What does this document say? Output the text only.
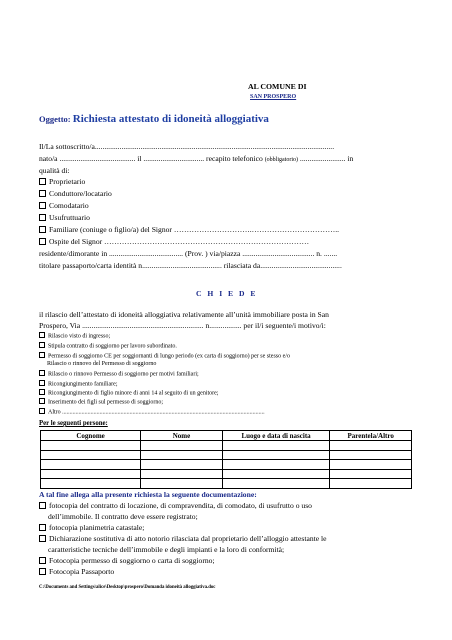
AL COMUNE DI
SAN PROSPERO
Oggetto: Richiesta attestato di idoneità alloggiativa
Il/La sottoscritto/a..............................................................................................................................
nato/a ........................................ il ................................ recapito telefonico (obbligatorio) ........................ in
qualità di:
Proprietario
Conduttore/locatario
Comodatario
Usufruttuario
Familiare (coniuge o figlio/a) del Signor ………………………….……………………………..
Ospite del Signor ………………………………………………………………………
residente/dimorante in ....................................... (Prov. ) via/piazza ...................................... n. .......
titolare passaporto/carta identità n.......................................... rilasciata da...........................................
C H I E D E
il rilascio dell’attestato di idoneità alloggiativa relativamente all’unità immobiliare posta in San
Prospero, Via ................................................................ n................. per il/i seguente/i motivo/i:
Rilascio visto di ingresso;
Stipula contratto di soggiorno per lavoro subordinato.
Permesso di soggiorno CE per soggiornanti di lungo periodo (ex carta di soggiorno) per se stesso e/o
Rilascio o rinnovo del Permesso di soggiorno
Rilascio o rinnovo Permesso di soggiorno per motivi familiari;
Ricongiungimento familiare;
Ricongiungimento di figlio minore di anni 14 al seguito di un genitore;
Inserimento dei figli sul permesso di soggiorno;
Altro .......................................................................................................................................
Per le seguenti persone:
Cognome	Nome	Luogo e data di nascita	Parentela/Altro

A tal fine allega alla presente richiesta la seguente documentazione:
fotocopia del contratto di locazione, di compravendita, di comodato, di usufrutto o uso
dell’immobile. Il contratto deve essere registrato;
fotocopia planimetria catastale;
Dichiarazione sostitutiva di atto notorio rilasciata dal proprietario dell’alloggio attestante le
caratteristiche tecniche dell’immobile e degli impianti e la loro di conformità;
Fotocopia permesso di soggiorno o carta di soggiorno;
Fotocopia Passaporto
C:\Documents and Settings\alice\Desktop\prospero\Domanda idoneità alloggiativa.doc
